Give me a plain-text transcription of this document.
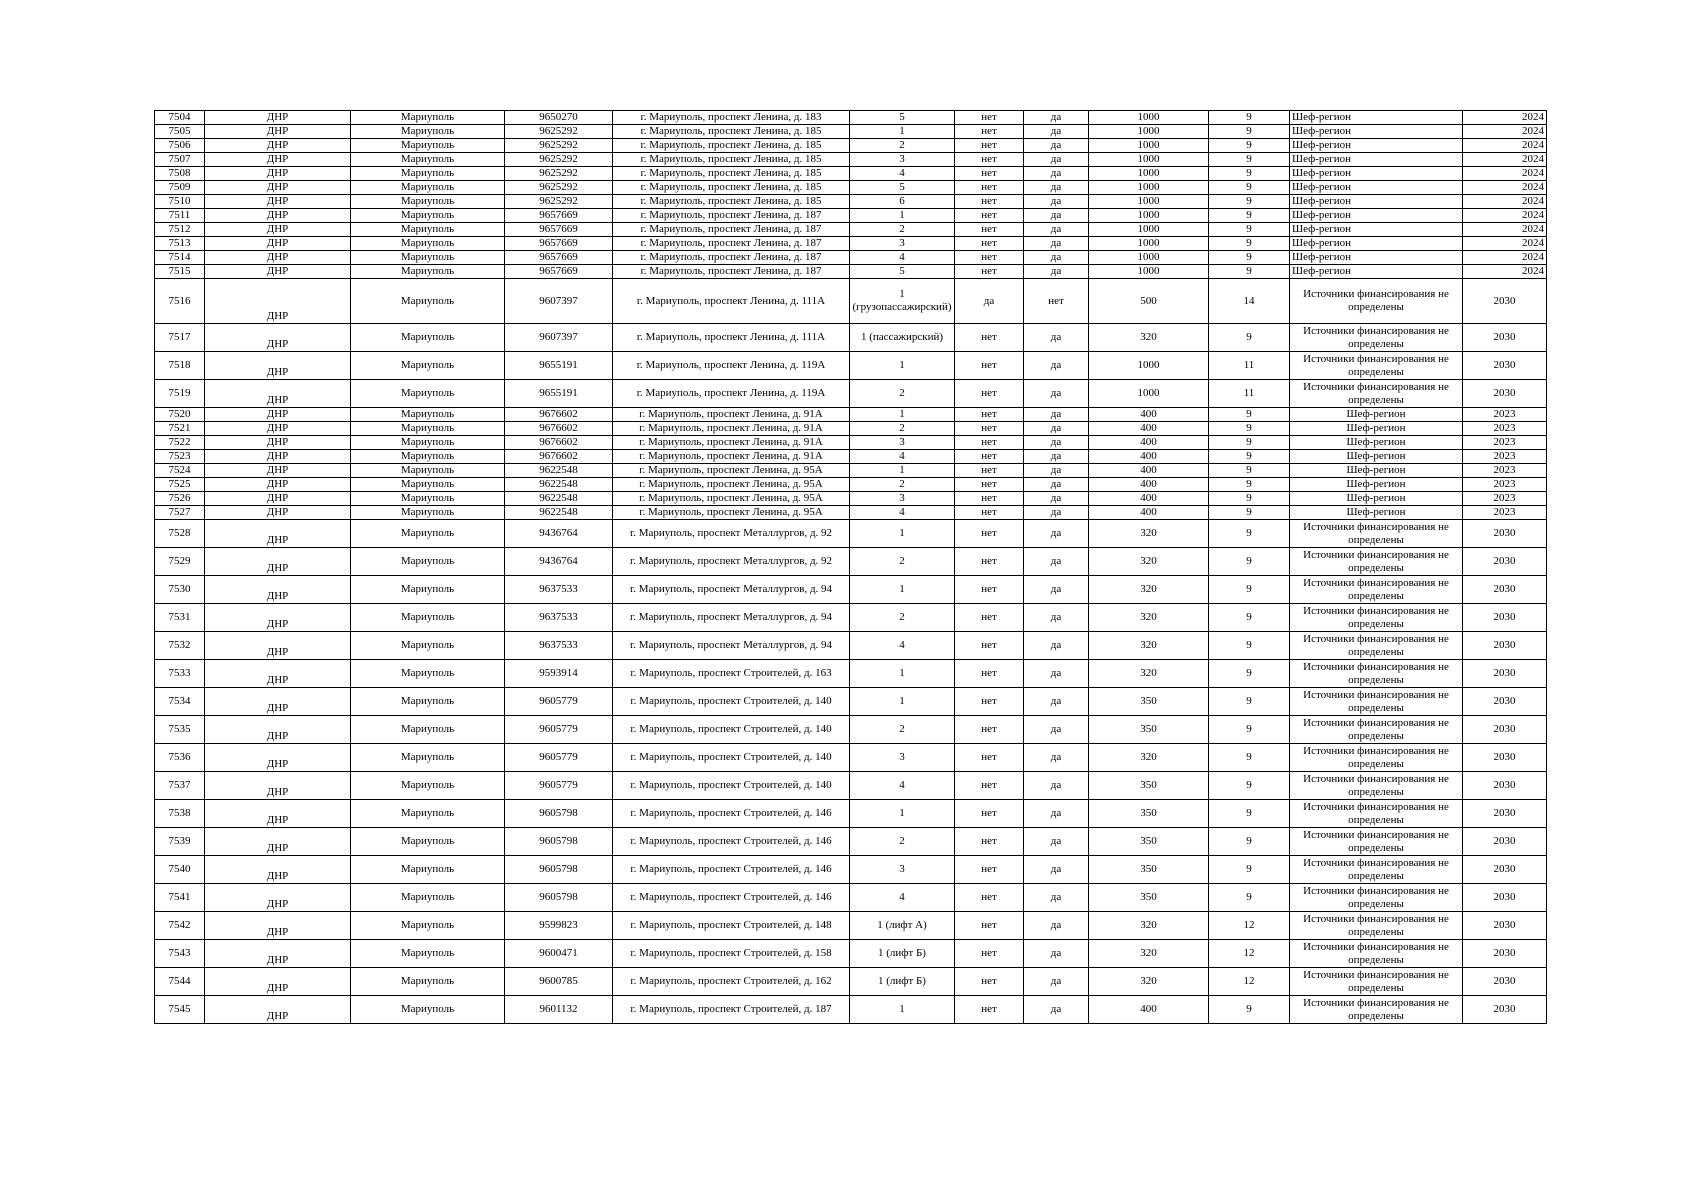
7504	ДНР	Мариуполь	9650270	г. Мариуполь, проспект Ленина, д. 183	5	нет	да	1000	9	Шеф-регион	2024
7505	ДНР	Мариуполь	9625292	г. Мариуполь, проспект Ленина, д. 185	1	нет	да	1000	9	Шеф-регион	2024
7506	ДНР	Мариуполь	9625292	г. Мариуполь, проспект Ленина, д. 185	2	нет	да	1000	9	Шеф-регион	2024
7507	ДНР	Мариуполь	9625292	г. Мариуполь, проспект Ленина, д. 185	3	нет	да	1000	9	Шеф-регион	2024
7508	ДНР	Мариуполь	9625292	г. Мариуполь, проспект Ленина, д. 185	4	нет	да	1000	9	Шеф-регион	2024
7509	ДНР	Мариуполь	9625292	г. Мариуполь, проспект Ленина, д. 185	5	нет	да	1000	9	Шеф-регион	2024
7510	ДНР	Мариуполь	9625292	г. Мариуполь, проспект Ленина, д. 185	6	нет	да	1000	9	Шеф-регион	2024
7511	ДНР	Мариуполь	9657669	г. Мариуполь, проспект Ленина, д. 187	1	нет	да	1000	9	Шеф-регион	2024
7512	ДНР	Мариуполь	9657669	г. Мариуполь, проспект Ленина, д. 187	2	нет	да	1000	9	Шеф-регион	2024
7513	ДНР	Мариуполь	9657669	г. Мариуполь, проспект Ленина, д. 187	3	нет	да	1000	9	Шеф-регион	2024
7514	ДНР	Мариуполь	9657669	г. Мариуполь, проспект Ленина, д. 187	4	нет	да	1000	9	Шеф-регион	2024
7515	ДНР	Мариуполь	9657669	г. Мариуполь, проспект Ленина, д. 187	5	нет	да	1000	9	Шеф-регион	2024
7516	ДНР	Мариуполь	9607397	г. Мариуполь, проспект Ленина, д. 111А	1 (грузопассажирский)	да	нет	500	14	Источники финансирования не определены	2030
7517	ДНР	Мариуполь	9607397	г. Мариуполь, проспект Ленина, д. 111А	1 (пассажирский)	нет	да	320	9	Источники финансирования не определены	2030
7518	ДНР	Мариуполь	9655191	г. Мариуполь, проспект Ленина, д. 119А	1	нет	да	1000	11	Источники финансирования не определены	2030
7519	ДНР	Мариуполь	9655191	г. Мариуполь, проспект Ленина, д. 119А	2	нет	да	1000	11	Источники финансирования не определены	2030
7520	ДНР	Мариуполь	9676602	г. Мариуполь, проспект Ленина, д. 91А	1	нет	да	400	9	Шеф-регион	2023
7521	ДНР	Мариуполь	9676602	г. Мариуполь, проспект Ленина, д. 91А	2	нет	да	400	9	Шеф-регион	2023
7522	ДНР	Мариуполь	9676602	г. Мариуполь, проспект Ленина, д. 91А	3	нет	да	400	9	Шеф-регион	2023
7523	ДНР	Мариуполь	9676602	г. Мариуполь, проспект Ленина, д. 91А	4	нет	да	400	9	Шеф-регион	2023
7524	ДНР	Мариуполь	9622548	г. Мариуполь, проспект Ленина, д. 95А	1	нет	да	400	9	Шеф-регион	2023
7525	ДНР	Мариуполь	9622548	г. Мариуполь, проспект Ленина, д. 95А	2	нет	да	400	9	Шеф-регион	2023
7526	ДНР	Мариуполь	9622548	г. Мариуполь, проспект Ленина, д. 95А	3	нет	да	400	9	Шеф-регион	2023
7527	ДНР	Мариуполь	9622548	г. Мариуполь, проспект Ленина, д. 95А	4	нет	да	400	9	Шеф-регион	2023
7528	ДНР	Мариуполь	9436764	г. Мариуполь, проспект Металлургов, д. 92	1	нет	да	320	9	Источники финансирования не определены	2030
7529	ДНР	Мариуполь	9436764	г. Мариуполь, проспект Металлургов, д. 92	2	нет	да	320	9	Источники финансирования не определены	2030
7530	ДНР	Мариуполь	9637533	г. Мариуполь, проспект Металлургов, д. 94	1	нет	да	320	9	Источники финансирования не определены	2030
7531	ДНР	Мариуполь	9637533	г. Мариуполь, проспект Металлургов, д. 94	2	нет	да	320	9	Источники финансирования не определены	2030
7532	ДНР	Мариуполь	9637533	г. Мариуполь, проспект Металлургов, д. 94	4	нет	да	320	9	Источники финансирования не определены	2030
7533	ДНР	Мариуполь	9593914	г. Мариуполь, проспект Строителей, д. 163	1	нет	да	320	9	Источники финансирования не определены	2030
7534	ДНР	Мариуполь	9605779	г. Мариуполь, проспект Строителей, д. 140	1	нет	да	350	9	Источники финансирования не определены	2030
7535	ДНР	Мариуполь	9605779	г. Мариуполь, проспект Строителей, д. 140	2	нет	да	350	9	Источники финансирования не определены	2030
7536	ДНР	Мариуполь	9605779	г. Мариуполь, проспект Строителей, д. 140	3	нет	да	320	9	Источники финансирования не определены	2030
7537	ДНР	Мариуполь	9605779	г. Мариуполь, проспект Строителей, д. 140	4	нет	да	350	9	Источники финансирования не определены	2030
7538	ДНР	Мариуполь	9605798	г. Мариуполь, проспект Строителей, д. 146	1	нет	да	350	9	Источники финансирования не определены	2030
7539	ДНР	Мариуполь	9605798	г. Мариуполь, проспект Строителей, д. 146	2	нет	да	350	9	Источники финансирования не определены	2030
7540	ДНР	Мариуполь	9605798	г. Мариуполь, проспект Строителей, д. 146	3	нет	да	350	9	Источники финансирования не определены	2030
7541	ДНР	Мариуполь	9605798	г. Мариуполь, проспект Строителей, д. 146	4	нет	да	350	9	Источники финансирования не определены	2030
7542	ДНР	Мариуполь	9599823	г. Мариуполь, проспект Строителей, д. 148	1 (лифт А)	нет	да	320	12	Источники финансирования не определены	2030
7543	ДНР	Мариуполь	9600471	г. Мариуполь, проспект Строителей, д. 158	1 (лифт Б)	нет	да	320	12	Источники финансирования не определены	2030
7544	ДНР	Мариуполь	9600785	г. Мариуполь, проспект Строителей, д. 162	1 (лифт Б)	нет	да	320	12	Источники финансирования не определены	2030
7545	ДНР	Мариуполь	9601132	г. Мариуполь, проспект Строителей, д. 187	1	нет	да	400	9	Источники финансирования не определены	2030
